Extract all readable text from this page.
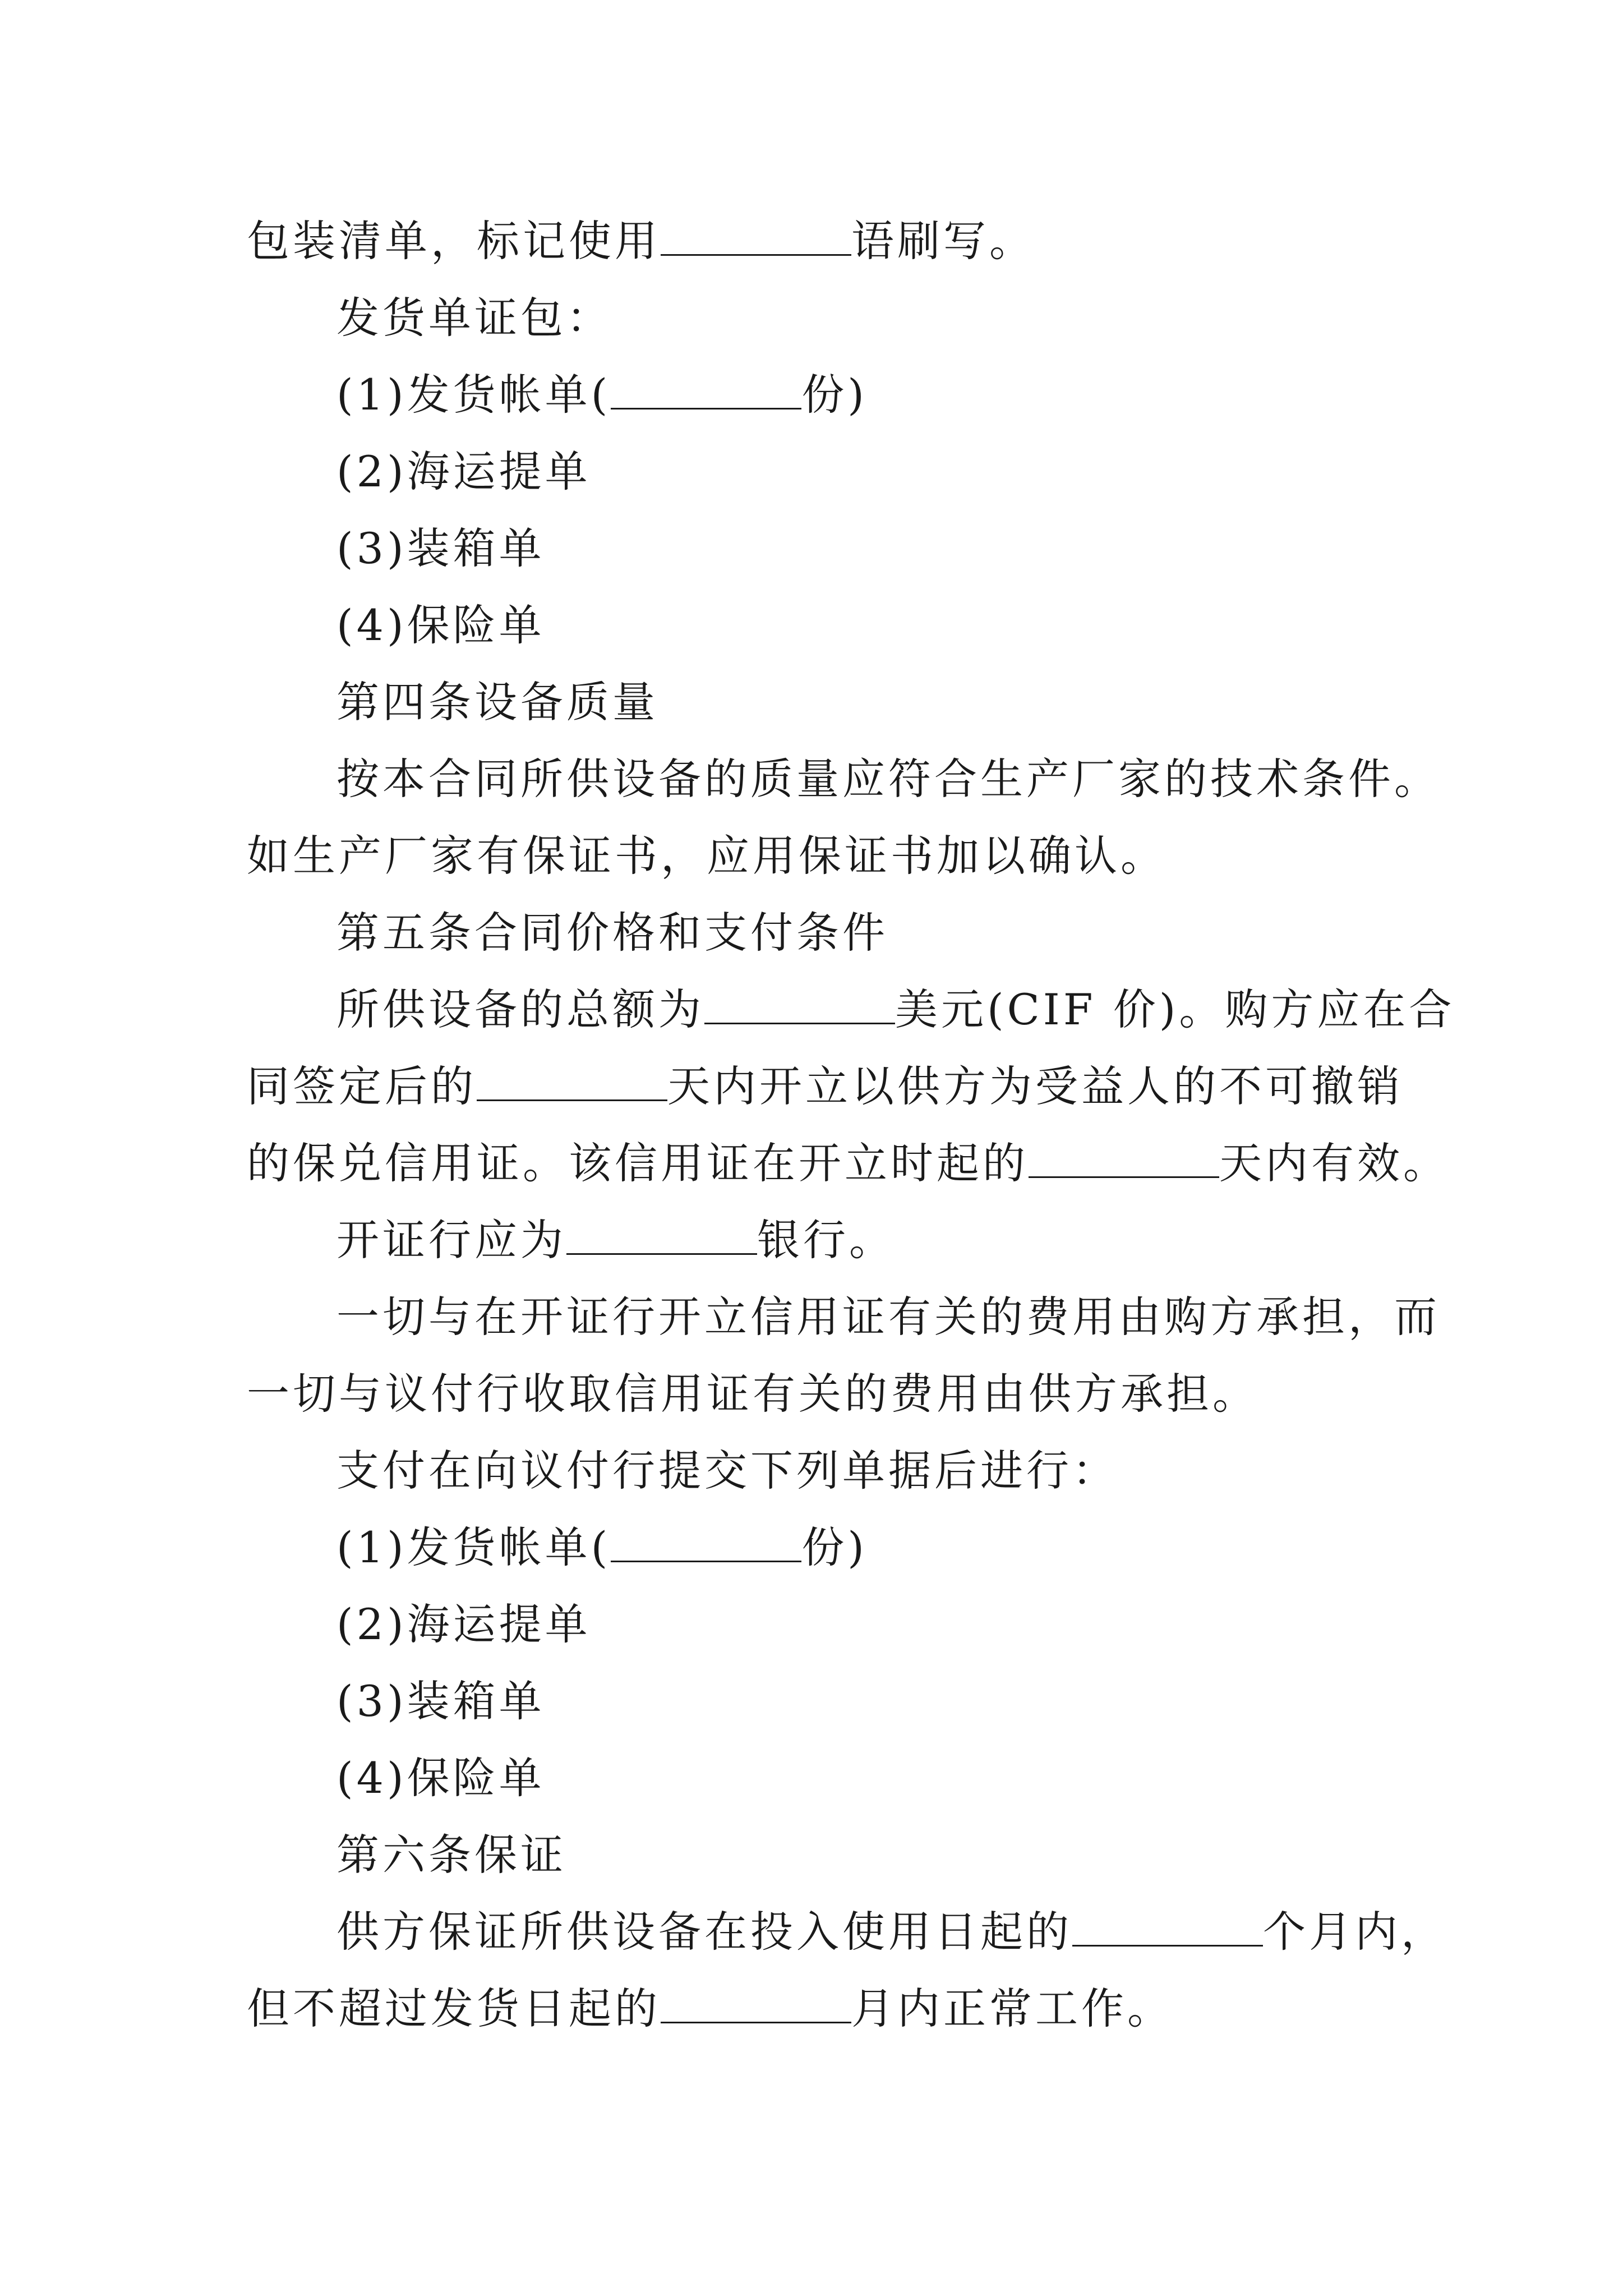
包装清单，标记使用	语刷写。
发货单证包：
(1)发货帐单(	份)
(2)海运提单
(3)装箱单
(4)保险单
第四条设备质量
按本合同所供设备的质量应符合生产厂家的技术条件。
如生产厂家有保证书，应用保证书加以确认。
第五条合同价格和支付条件
所供设备的总额为	美元(CIF 价)。购方应在合
同签定后的	天内开立以供方为受益人的不可撤销
的保兑信用证。该信用证在开立时起的	天内有效。
开证行应为	银行。
一切与在开证行开立信用证有关的费用由购方承担，而
一切与议付行收取信用证有关的费用由供方承担。
支付在向议付行提交下列单据后进行：
(1)发货帐单(	份)
(2)海运提单
(3)装箱单
(4)保险单
第六条保证
供方保证所供设备在投入使用日起的	个月内，
但不超过发货日起的	月内正常工作。
